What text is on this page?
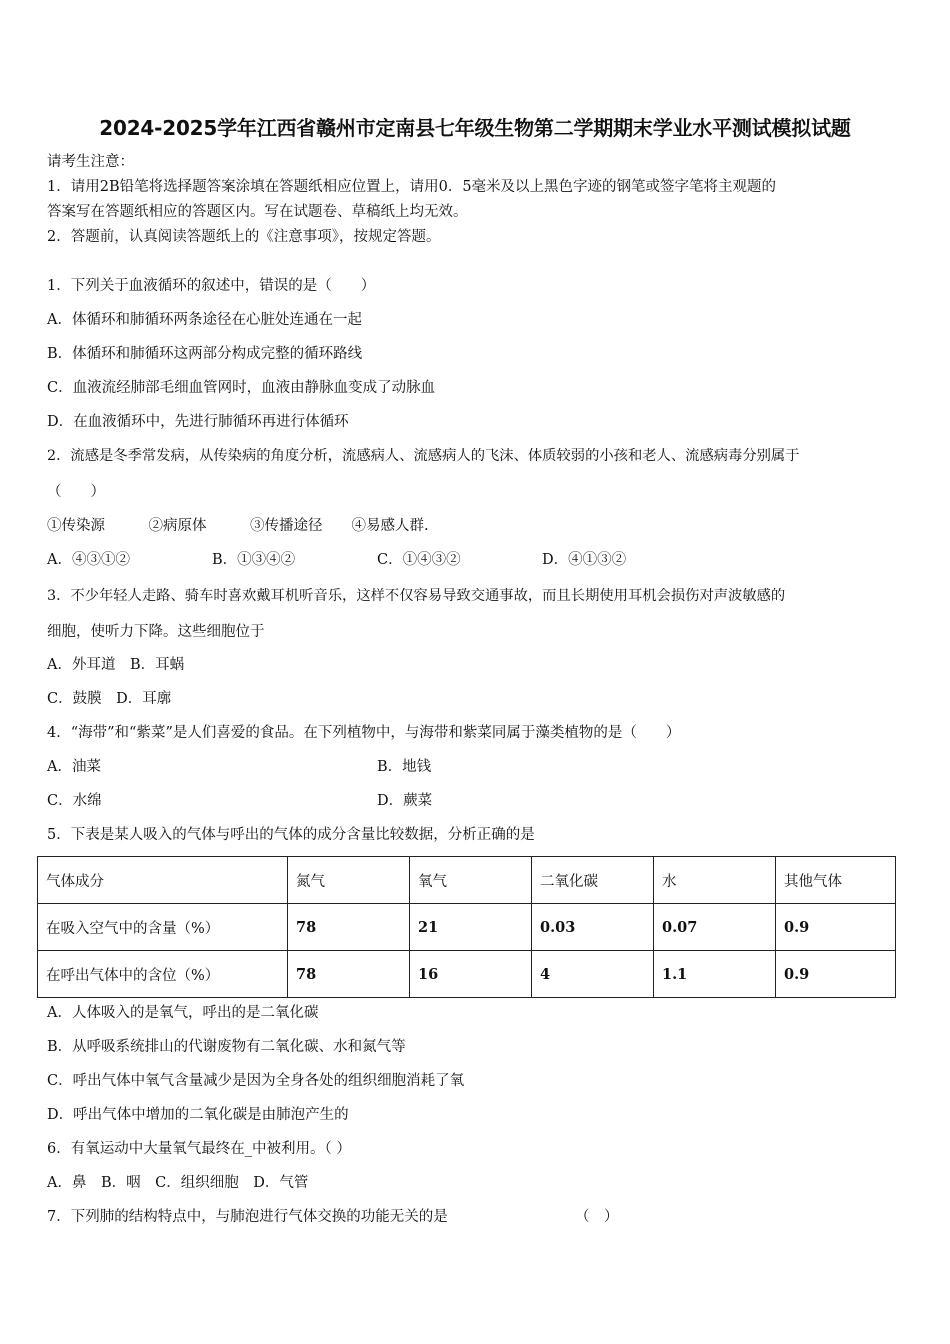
2024-2025学年江西省赣州市定南县七年级生物第二学期期末学业水平测试模拟试题
请考生注意：
1．请用2B铅笔将选择题答案涂填在答题纸相应位置上，请用0．5毫米及以上黑色字迹的钢笔或签字笔将主观题的
答案写在答题纸相应的答题区内。写在试题卷、草稿纸上均无效。
2．答题前，认真阅读答题纸上的《注意事项》，按规定答题。
1．下列关于血液循环的叙述中，错误的是（　　）
A．体循环和肺循环两条途径在心脏处连通在一起
B．体循环和肺循环这两部分构成完整的循环路线
C．血液流经肺部毛细血管网时，血液由静脉血变成了动脉血
D．在血液循环中，先进行肺循环再进行体循环
2．流感是冬季常发病，从传染病的角度分析，流感病人、流感病人的飞沫、体质较弱的小孩和老人、流感病毒分别属于
（　　）
①传染源　　　②病原体　　　③传播途径　　④易感人群.
A．④③①②	B．①③④②	C．①④③②	D．④①③②
3．不少年轻人走路、骑车时喜欢戴耳机听音乐，这样不仅容易导致交通事故，而且长期使用耳机会损伤对声波敏感的
细胞，使听力下降。这些细胞位于
A．外耳道　B．耳蜗
C．鼓膜　D．耳廓
4．“海带”和“紫菜”是人们喜爱的食品。在下列植物中，与海带和紫菜同属于藻类植物的是（　　）
A．油菜	B．地钱
C．水绵	D．蕨菜
5．下表是某人吸入的气体与呼出的气体的成分含量比较数据，分析正确的是
气体成分	氮气	氧气	二氧化碳	水	其他气体
在吸入空气中的含量（%）	78	21	0.03	0.07	0.9
在呼出气体中的含位（%）	78	16	4	1.1	0.9
A．人体吸入的是氧气，呼出的是二氧化碳
B．从呼吸系统排山的代谢废物有二氧化碳、水和氮气等
C．呼出气体中氧气含量减少是因为全身各处的组织细胞消耗了氧
D．呼出气体中增加的二氧化碳是由肺泡产生的
6．有氧运动中大量氧气最终在_中被利用。（ ）
A．鼻　B．咽　C．组织细胞　D．气管
7．下列肺的结构特点中，与肺泡进行气体交换的功能无关的是	（　）
